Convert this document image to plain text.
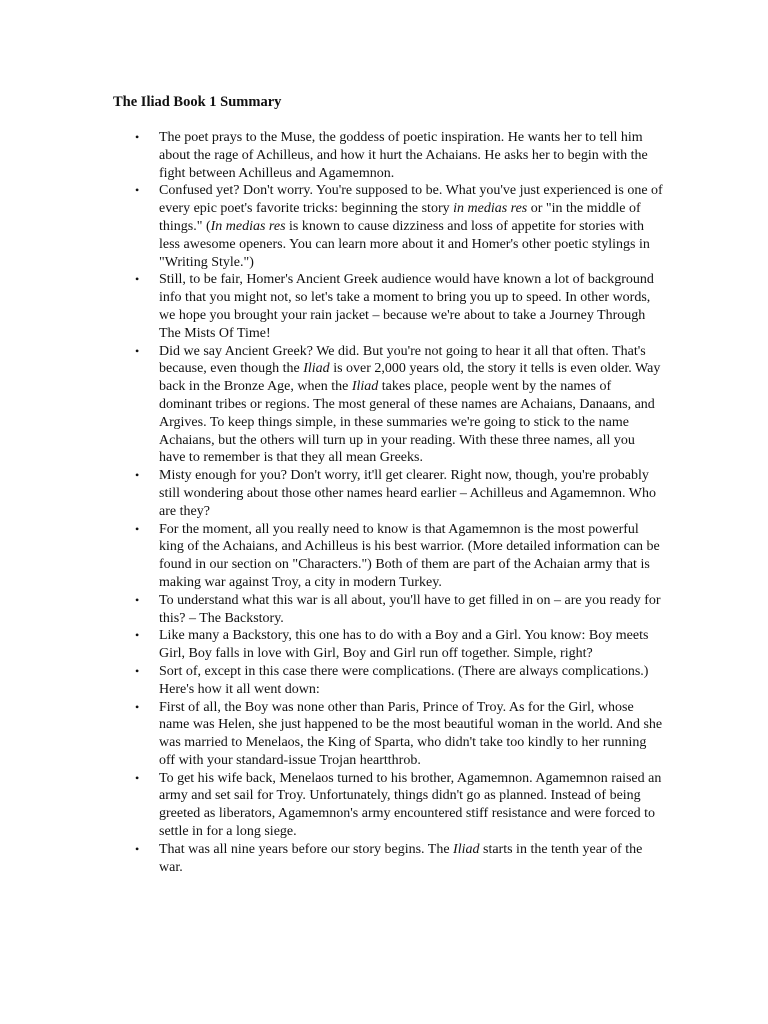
The Iliad Book 1 Summary
• The poet prays to the Muse, the goddess of poetic inspiration. He wants her to tell him about the rage of Achilleus, and how it hurt the Achaians. He asks her to begin with the fight between Achilleus and Agamemnon.
• Confused yet? Don't worry. You're supposed to be. What you've just experienced is one of every epic poet's favorite tricks: beginning the story in medias res or "in the middle of things." (In medias res is known to cause dizziness and loss of appetite for stories with less awesome openers. You can learn more about it and Homer's other poetic stylings in "Writing Style.")
• Still, to be fair, Homer's Ancient Greek audience would have known a lot of background info that you might not, so let's take a moment to bring you up to speed. In other words, we hope you brought your rain jacket – because we're about to take a Journey Through The Mists Of Time!
• Did we say Ancient Greek? We did. But you're not going to hear it all that often. That's because, even though the Iliad is over 2,000 years old, the story it tells is even older. Way back in the Bronze Age, when the Iliad takes place, people went by the names of dominant tribes or regions. The most general of these names are Achaians, Danaans, and Argives. To keep things simple, in these summaries we're going to stick to the name Achaians, but the others will turn up in your reading. With these three names, all you have to remember is that they all mean Greeks.
• Misty enough for you? Don't worry, it'll get clearer. Right now, though, you're probably still wondering about those other names heard earlier – Achilleus and Agamemnon. Who are they?
• For the moment, all you really need to know is that Agamemnon is the most powerful king of the Achaians, and Achilleus is his best warrior. (More detailed information can be found in our section on "Characters.") Both of them are part of the Achaian army that is making war against Troy, a city in modern Turkey.
• To understand what this war is all about, you'll have to get filled in on – are you ready for this? – The Backstory.
• Like many a Backstory, this one has to do with a Boy and a Girl. You know: Boy meets Girl, Boy falls in love with Girl, Boy and Girl run off together. Simple, right?
• Sort of, except in this case there were complications. (There are always complications.) Here's how it all went down:
• First of all, the Boy was none other than Paris, Prince of Troy. As for the Girl, whose name was Helen, she just happened to be the most beautiful woman in the world. And she was married to Menelaos, the King of Sparta, who didn't take too kindly to her running off with your standard-issue Trojan heartthrob.
• To get his wife back, Menelaos turned to his brother, Agamemnon. Agamemnon raised an army and set sail for Troy. Unfortunately, things didn't go as planned. Instead of being greeted as liberators, Agamemnon's army encountered stiff resistance and were forced to settle in for a long siege.
• That was all nine years before our story begins. The Iliad starts in the tenth year of the war.
